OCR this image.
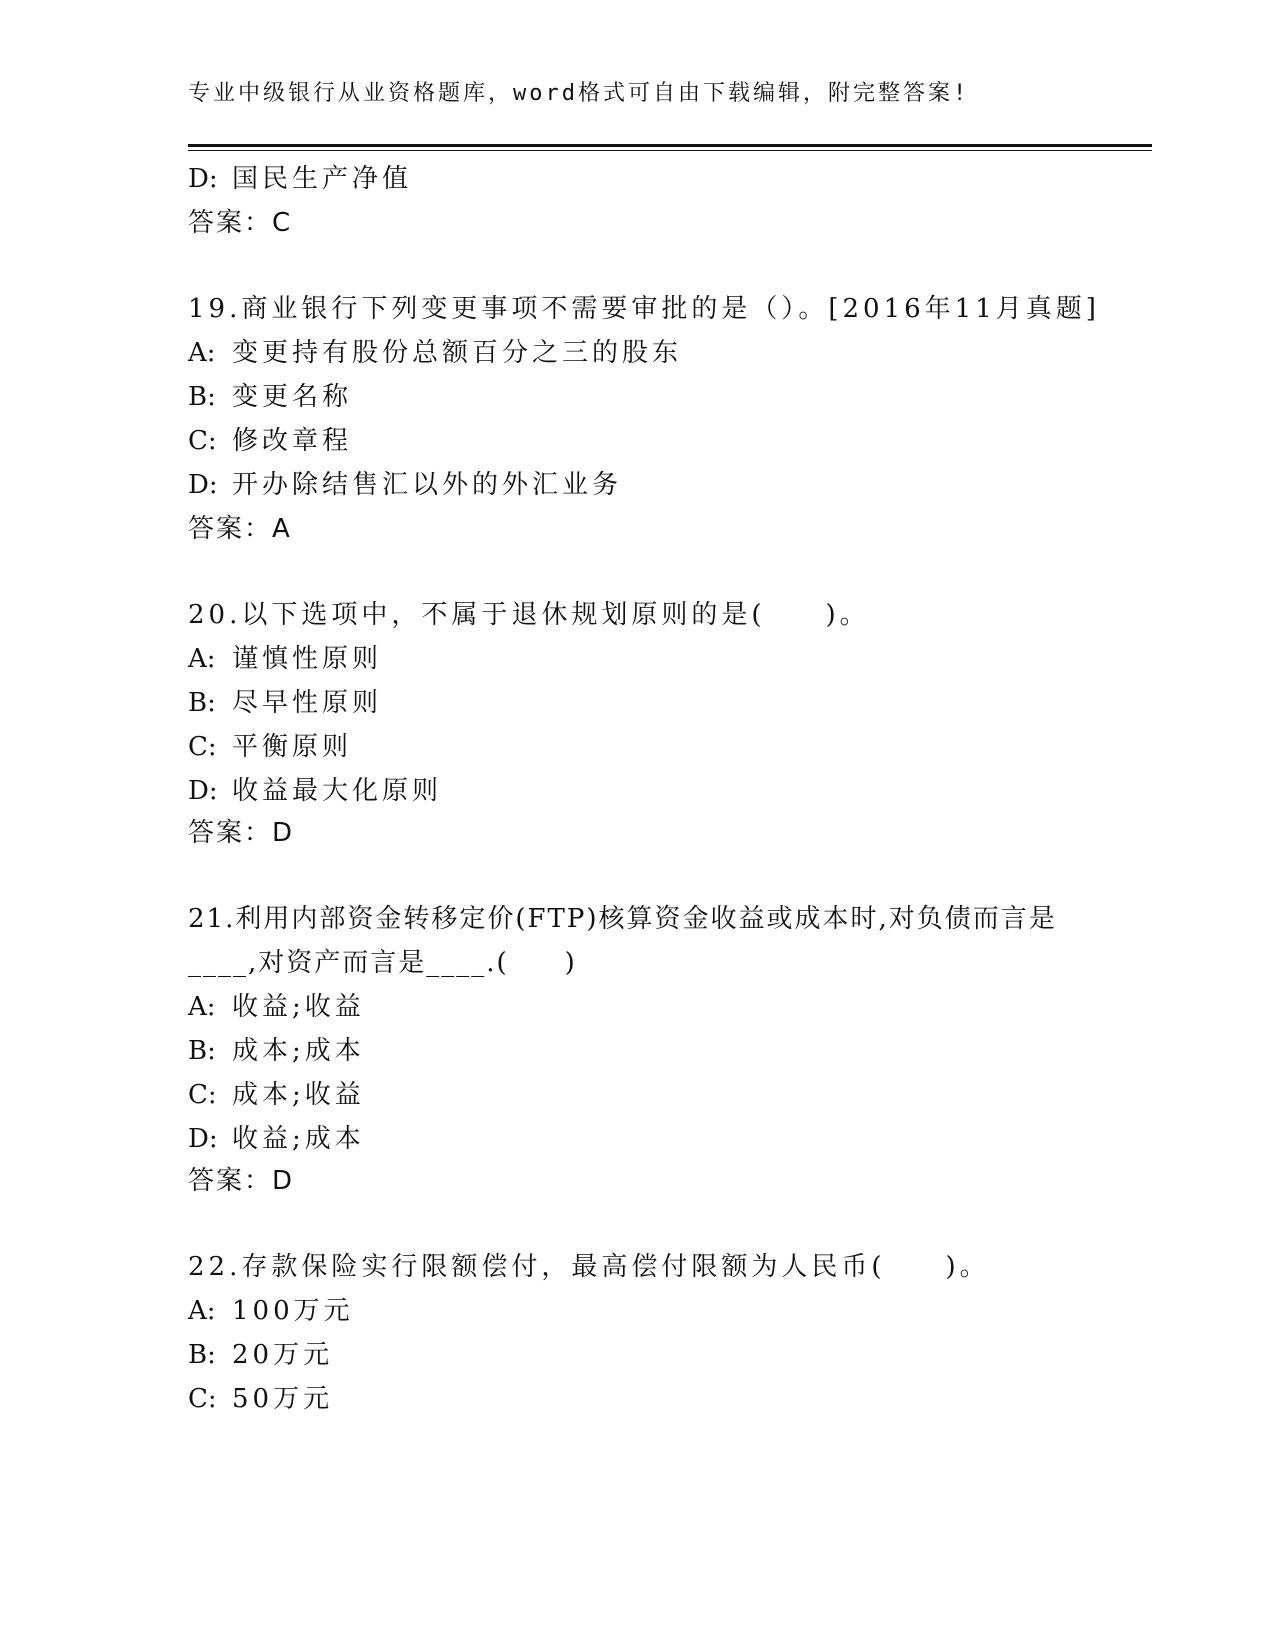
专业中级银行从业资格题库，word格式可自由下载编辑，附完整答案!
D: 国民生产净值
答案：C
19.商业银行下列变更事项不需要审批的是（）。[2016年11月真题]
A: 变更持有股份总额百分之三的股东
B: 变更名称
C: 修改章程
D: 开办除结售汇以外的外汇业务
答案：A
20.以下选项中，不属于退休规划原则的是(　　)。
A: 谨慎性原则
B: 尽早性原则
C: 平衡原则
D: 收益最大化原则
答案：D
21.利用内部资金转移定价(FTP)核算资金收益或成本时,对负债而言是
____,对资产而言是____.(　　)
A: 收益;收益
B: 成本;成本
C: 成本;收益
D: 收益;成本
答案：D
22.存款保险实行限额偿付，最高偿付限额为人民币(　　)。
A: 100万元
B: 20万元
C: 50万元
